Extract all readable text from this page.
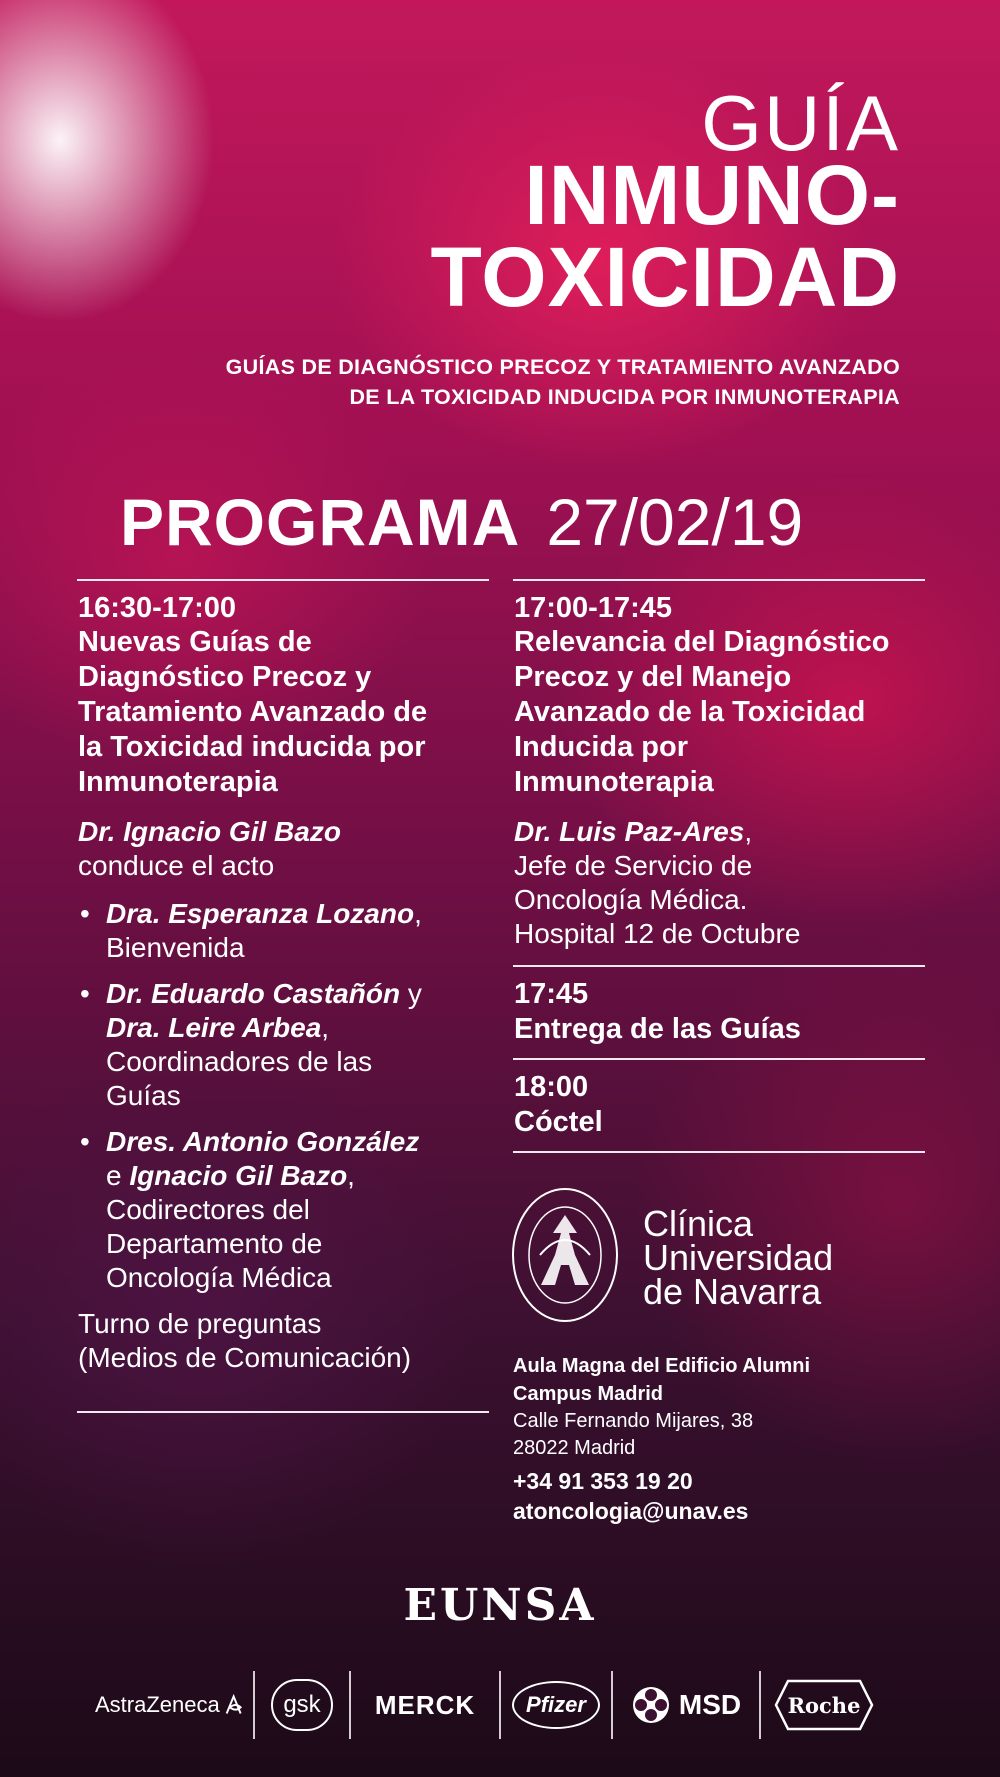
GUÍA
INMUNO-
TOXICIDAD
GUÍAS DE DIAGNÓSTICO PRECOZ Y TRATAMIENTO AVANZADO
DE LA TOXICIDAD INDUCIDA POR INMUNOTERAPIA
PROGRAMA 27/02/19
16:30-17:00
Nuevas Guías de
Diagnóstico Precoz y
Tratamiento Avanzado de
la Toxicidad inducida por
Inmunoterapia
Dr. Ignacio Gil Bazo
conduce el acto
• Dra. Esperanza Lozano,
Bienvenida
• Dr. Eduardo Castañón y
Dra. Leire Arbea,
Coordinadores de las
Guías
• Dres. Antonio González
e Ignacio Gil Bazo,
Codirectores del
Departamento de
Oncología Médica
Turno de preguntas
(Medios de Comunicación)
17:00-17:45
Relevancia del Diagnóstico
Precoz y del Manejo
Avanzado de la Toxicidad
Inducida por
Inmunoterapia
Dr. Luis Paz-Ares,
Jefe de Servicio de
Oncología Médica.
Hospital 12 de Octubre
17:45
Entrega de las Guías
18:00
Cóctel
Clínica
Universidad
de Navarra
Aula Magna del Edificio Alumni
Campus Madrid
Calle Fernando Mijares, 38
28022 Madrid
+34 91 353 19 20
atoncologia@unav.es
EUNSA
AstraZeneca	gsk MERCK Pfizer	MSD Roche
